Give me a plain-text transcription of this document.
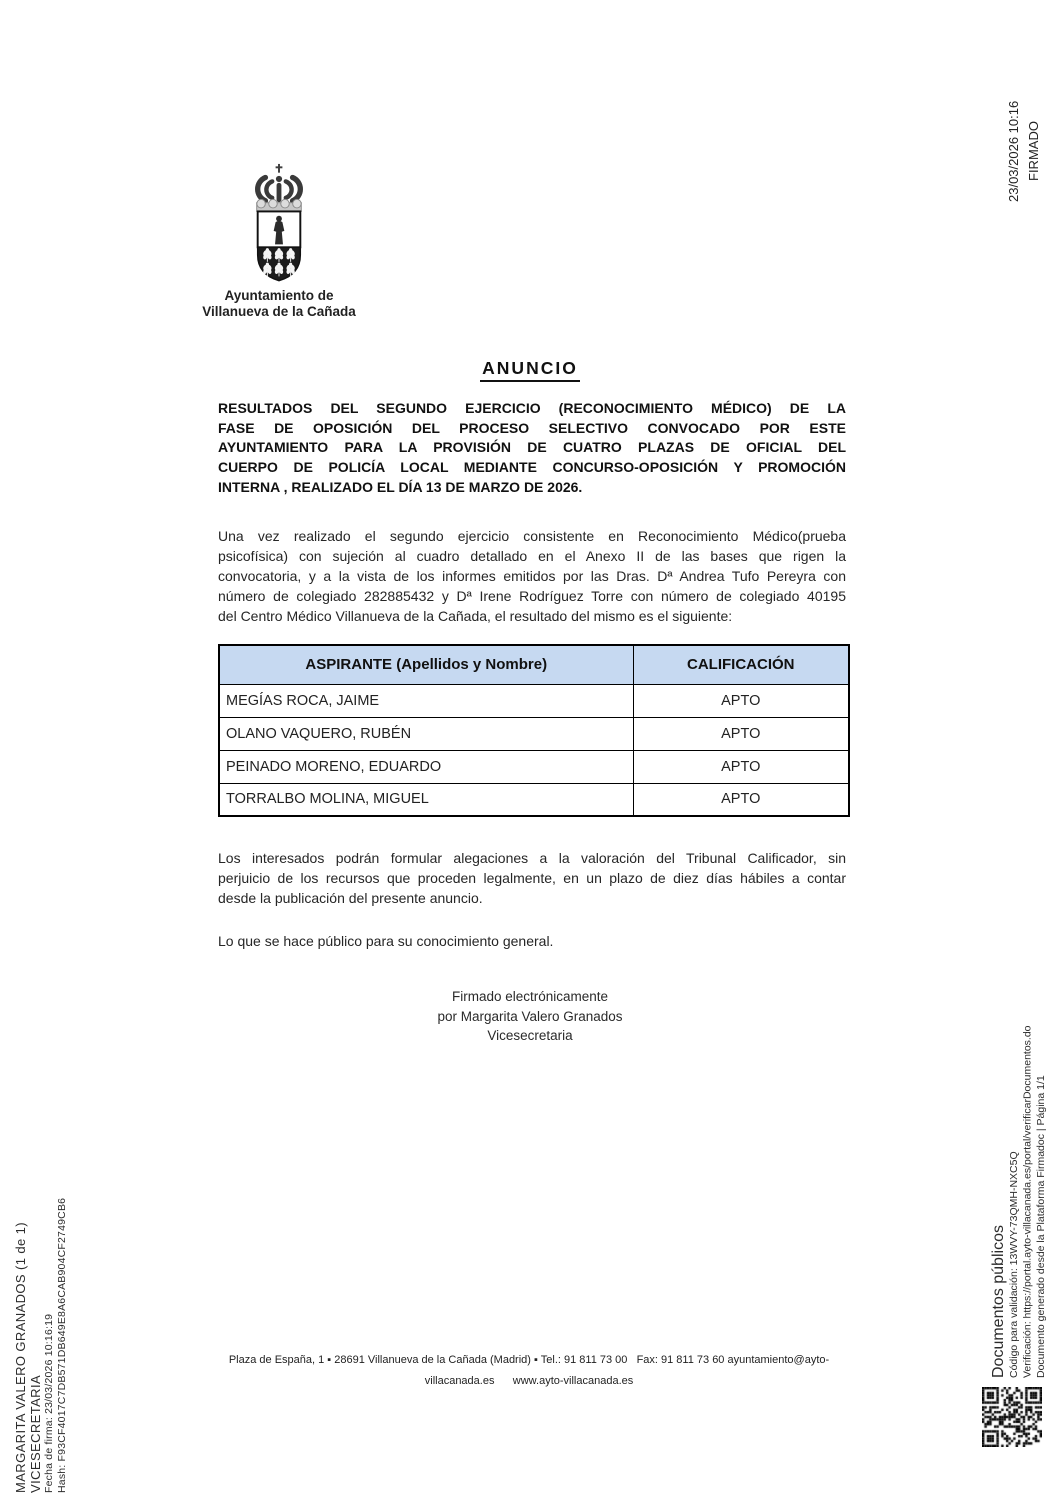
23/03/2026 10:16 FIRMADO
Ayuntamiento de
Villanueva de la Cañada
ANUNCIO
RESULTADOS DEL SEGUNDO EJERCICIO (RECONOCIMIENTO MÉDICO) DE LA
FASE DE OPOSICIÓN DEL PROCESO SELECTIVO CONVOCADO POR ESTE
AYUNTAMIENTO PARA LA PROVISIÓN DE CUATRO PLAZAS DE OFICIAL DEL
CUERPO DE POLICÍA LOCAL MEDIANTE CONCURSO-OPOSICIÓN Y PROMOCIÓN
INTERNA , REALIZADO EL DÍA 13 DE MARZO DE 2026.
Una vez realizado el segundo ejercicio consistente en Reconocimiento Médico(prueba
psicofísica) con sujeción al cuadro detallado en el Anexo II de las bases que rigen la
convocatoria, y a la vista de los informes emitidos por las Dras. Dª Andrea Tufo Pereyra con
número de colegiado 282885432 y Dª Irene Rodríguez Torre con número de colegiado 40195
del Centro Médico Villanueva de la Cañada, el resultado del mismo es el siguiente:
ASPIRANTE (Apellidos y Nombre)	CALIFICACIÓN
MEGÍAS ROCA, JAIME	APTO
OLANO VAQUERO, RUBÉN	APTO
PEINADO MORENO, EDUARDO	APTO
TORRALBO MOLINA, MIGUEL	APTO
Los interesados podrán formular alegaciones a la valoración del Tribunal Calificador, sin
perjuicio de los recursos que proceden legalmente, en un plazo de diez días hábiles a contar
desde la publicación del presente anuncio.
Lo que se hace público para su conocimiento general.
Firmado electrónicamente
por Margarita Valero Granados
Vicesecretaria
Plaza de España, 1 ▪ 28691 Villanueva de la Cañada (Madrid) ▪ Tel.: 91 811 73 00   Fax: 91 811 73 60 ayuntamiento@ayto-
villacanada.es      www.ayto-villacanada.es
MARGARITA VALERO GRANADOS (1 de 1) VICESECRETARIA Fecha de firma: 23/03/2026 10:16:19 Hash: F93CF4017C7DB571DB649E8A6CAB904CF2749CB6	Documentos públicos Código para validación: 13WVY-73QMH-NXC5Q Verificación: https://portal.ayto-villacanada.es/portal/verificarDocumentos.do Documento generado desde la Plataforma Firmadoc | Página 1/1
